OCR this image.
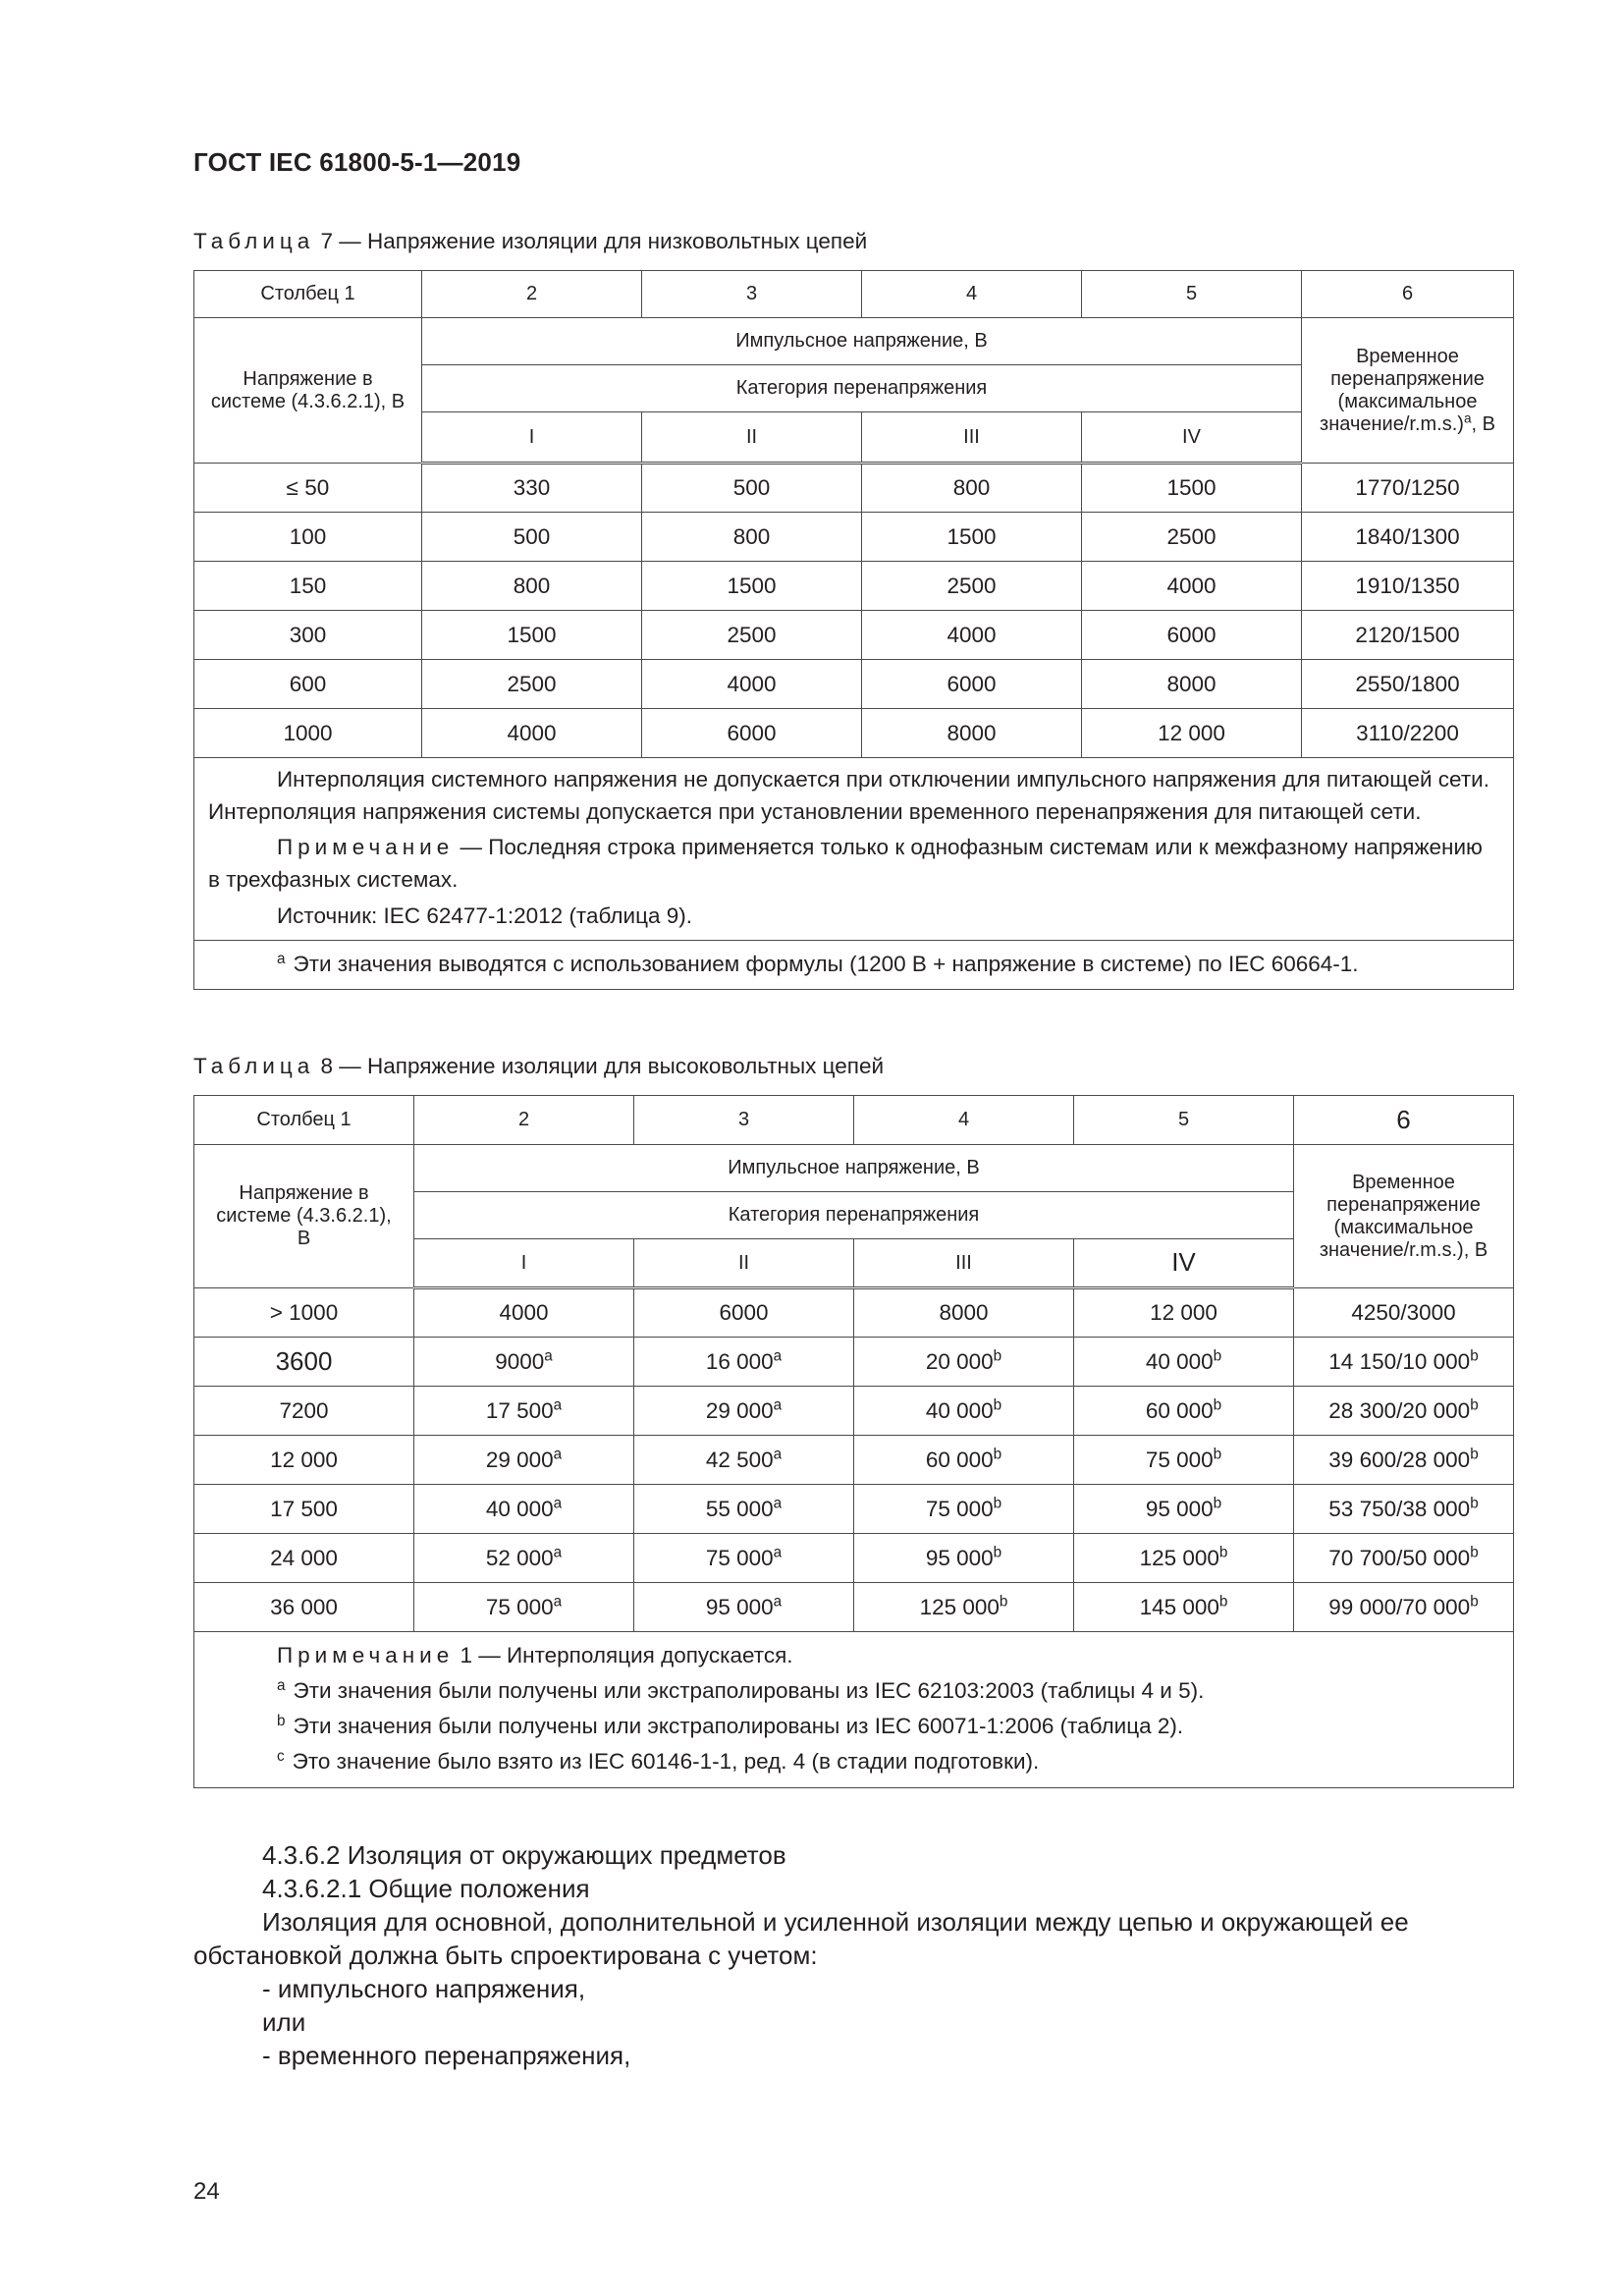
ГОСТ IEC 61800-5-1—2019
Таблица 7 — Напряжение изоляции для низковольтных цепей
Столбец 1	2	3	4	5	6
Напряжение в системе (4.3.6.2.1), В	Импульсное напряжение, В				Временное перенапряжение (максимальное значение/r.m.s.)$^a$, В
	Категория перенапряжения				
	I	II	III	IV	
≤ 50	330	500	800	1500	1770/1250
100	500	800	1500	2500	1840/1300
150	800	1500	2500	4000	1910/1350
300	1500	2500	4000	6000	2120/1500
600	2500	4000	6000	8000	2550/1800
1000	4000	6000	8000	12 000	3110/2200

Интерполяция системного напряжения не допускается при отключении импульсного напряжения для питающей сети. Интерполяция напряжения системы допускается при установлении временного перенапряжения для питающей сети.
Примечание — Последняя строка применяется только к однофазным системам или к межфазному напряжению в трехфазных системах.
Источник: IEC 62477-1:2012 (таблица 9).					

$^a$ Эти значения выводятся с использованием формулы (1200 В + напряжение в системе) по IEC 60664-1.					
Таблица 8 — Напряжение изоляции для высоковольтных цепей
Столбец 1	2	3	4	5	6
Напряжение в системе (4.3.6.2.1), В	Импульсное напряжение, В				Временное перенапряжение (максимальное значение/r.m.s.), В
	Категория перенапряжения				
	I	II	III	IV	
> 1000	4000	6000	8000	12 000	4250/3000
3600	9000$^a$	16 000$^a$	20 000$^b$	40 000$^b$	14 150/10 000$^b$
7200	17 500$^a$	29 000$^a$	40 000$^b$	60 000$^b$	28 300/20 000$^b$
12 000	29 000$^a$	42 500$^a$	60 000$^b$	75 000$^b$	39 600/28 000$^b$
17 500	40 000$^a$	55 000$^a$	75 000$^b$	95 000$^b$	53 750/38 000$^b$
24 000	52 000$^a$	75 000$^a$	95 000$^b$	125 000$^b$	70 700/50 000$^b$
36 000	75 000$^a$	95 000$^a$	125 000$^b$	145 000$^b$	99 000/70 000$^b$

Примечание 1 — Интерполяция допускается.
$^a$ Эти значения были получены или экстраполированы из IEC 62103:2003 (таблицы 4 и 5).
$^b$ Эти значения были получены или экстраполированы из IEC 60071-1:2006 (таблица 2).
$^c$ Это значение было взято из IEC 60146-1-1, ред. 4 (в стадии подготовки).					

4.3.6.2 Изоляция от окружающих предметов

4.3.6.2.1 Общие положения

Изоляция для основной, дополнительной и усиленной изоляции между цепью и окружающей ее обстановкой должна быть спроектирована с учетом:

- импульсного напряжения,

или

- временного перенапряжения,

24
